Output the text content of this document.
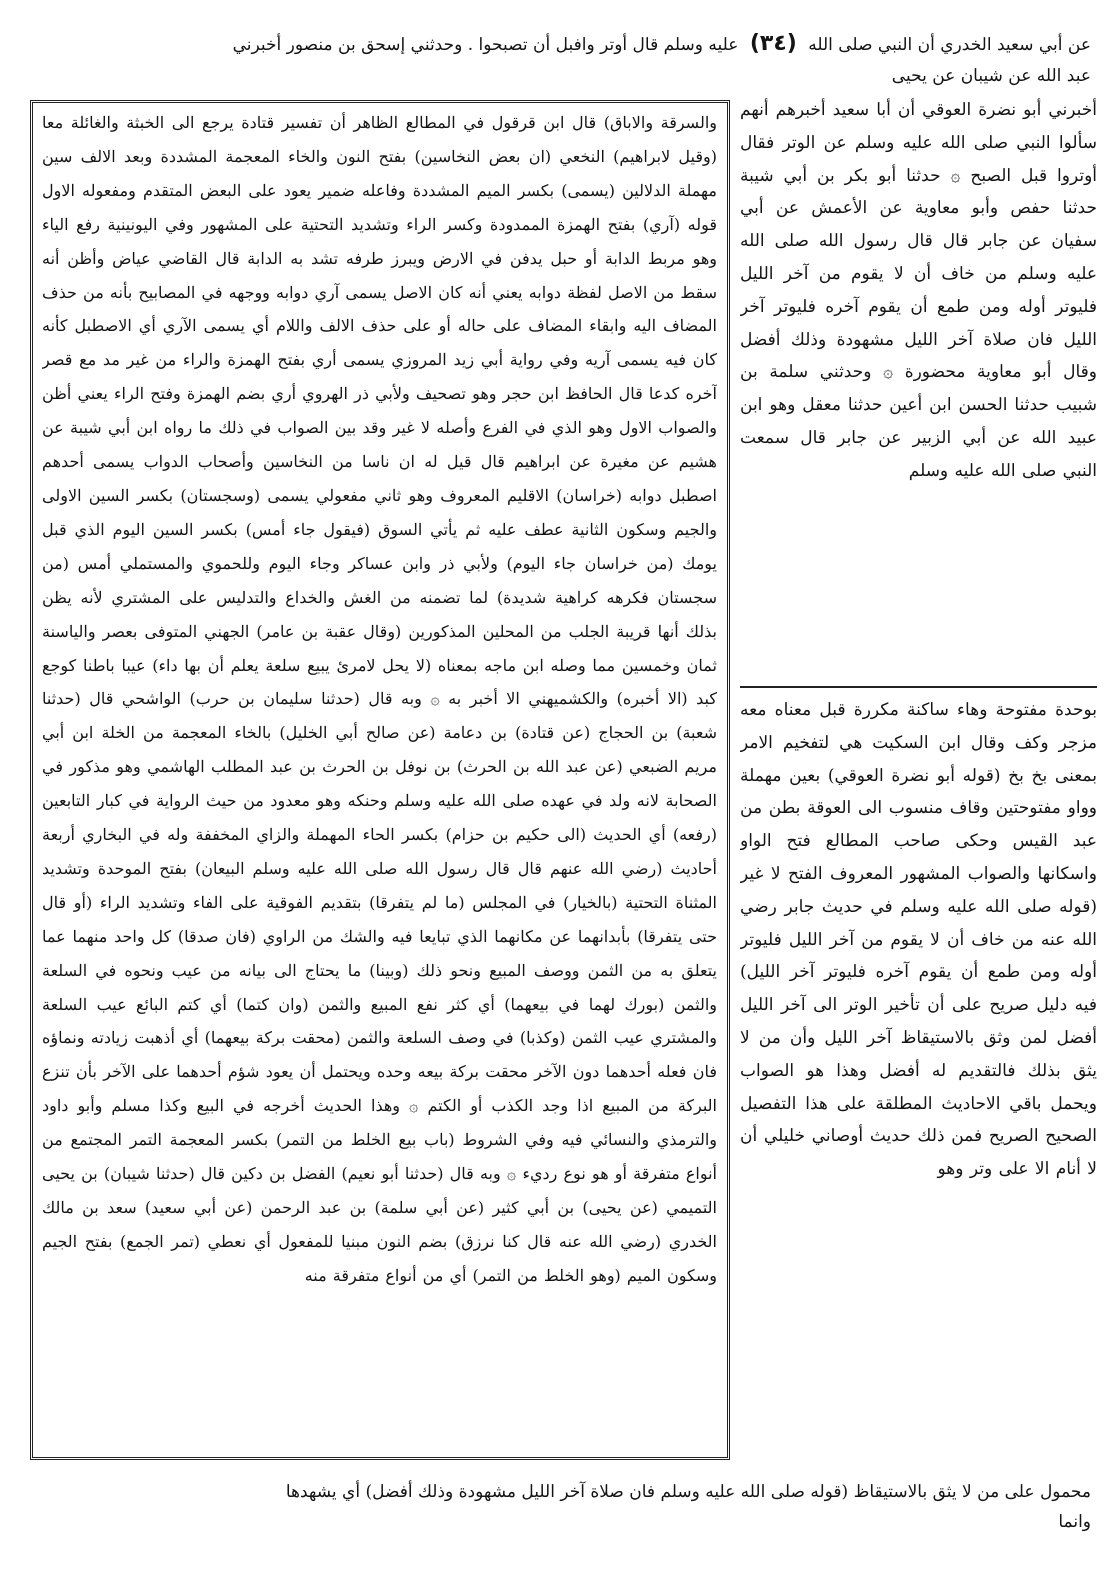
عن أبي سعيد الخدري أن النبي صلى الله (٣٤) عليه وسلم قال أوتر وافبل أن تصبحوا . وحدثني إسحق بن منصور أخبرني
عبد الله عن شيبان عن يحيى

أخبرني أبو نضرة العوقي أن أبا سعيد أخبرهم أنهم سألوا النبي صلى الله عليه وسلم عن الوتر فقال أوتروا قبل الصبح ۞ حدثنا أبو بكر بن أبي شيبة حدثنا حفص وأبو معاوية عن الأعمش عن أبي سفيان عن جابر قال قال رسول الله صلى الله عليه وسلم من خاف أن لا يقوم من آخر الليل فليوتر أوله ومن طمع أن يقوم آخره فليوتر آخر الليل فان صلاة آخر الليل مشهودة وذلك أفضل وقال أبو معاوية محضورة ۞ وحدثني سلمة بن شبيب حدثنا الحسن ابن أعين حدثنا معقل وهو ابن عبيد الله عن أبي الزبير عن جابر قال سمعت النبي صلى الله عليه وسلم

بوحدة مفتوحة وهاء ساكنة مكررة قبل معناه معه مزجر وكف وقال ابن السكيت هي لتفخيم الامر بمعنى بخ بخ (قوله أبو نضرة العوقي) بعين مهملة وواو مفتوحتين وقاف منسوب الى العوقة بطن من عبد القيس وحكى صاحب المطالع فتح الواو واسكانها والصواب المشهور المعروف الفتح لا غير (قوله صلى الله عليه وسلم في حديث جابر رضي الله عنه من خاف أن لا يقوم من آخر الليل فليوتر أوله ومن طمع أن يقوم آخره فليوتر آخر الليل) فيه دليل صريح على أن تأخير الوتر الى آخر الليل أفضل لمن وثق بالاستيقاظ آخر الليل وأن من لا يثق بذلك فالتقديم له أفضل وهذا هو الصواب ويحمل باقي الاحاديث المطلقة على هذا التفصيل الصحيح الصريح فمن ذلك حديث أوصاني خليلي أن لا أنام الا على وتر وهو

والسرقة والاباق) قال ابن قرقول في المطالع الظاهر أن تفسير قتادة يرجع الى الخبثة والغائلة معا (وقيل لابراهيم) النخعي (ان بعض النخاسين) بفتح النون والخاء المعجمة المشددة وبعد الالف سين مهملة الدلالين (يسمى) بكسر الميم المشددة وفاعله ضمير يعود على البعض المتقدم ومفعوله الاول قوله (آري) بفتح الهمزة الممدودة وكسر الراء وتشديد التحتية على المشهور وفي اليونينية رفع الياء وهو مربط الدابة أو حبل يدفن في الارض ويبرز طرفه تشد به الدابة قال القاضي عياض وأظن أنه سقط من الاصل لفظة دوابه يعني أنه كان الاصل يسمى آري دوابه ووجهه في المصابيح بأنه من حذف المضاف اليه وابقاء المضاف على حاله أو على حذف الالف واللام أي يسمى الآري أي الاصطبل كأنه كان فيه يسمى آريه وفي رواية أبي زيد المروزي يسمى أري بفتح الهمزة والراء من غير مد مع قصر آخره كدعا قال الحافظ ابن حجر وهو تصحيف ولأبي ذر الهروي أري بضم الهمزة وفتح الراء يعني أظن والصواب الاول وهو الذي في الفرع وأصله لا غير وقد بين الصواب في ذلك ما رواه ابن أبي شيبة عن هشيم عن مغيرة عن ابراهيم قال قيل له ان ناسا من النخاسين وأصحاب الدواب يسمى أحدهم اصطبل دوابه (خراسان) الاقليم المعروف وهو ثاني مفعولي يسمى (وسجستان) بكسر السين الاولى والجيم وسكون الثانية عطف عليه ثم يأتي السوق (فيقول جاء أمس) بكسر السين اليوم الذي قبل يومك (من خراسان جاء اليوم) ولأبي ذر وابن عساكر وجاء اليوم وللحموي والمستملي أمس (من سجستان فكرهه كراهية شديدة) لما تضمنه من الغش والخداع والتدليس على المشتري لأنه يظن بذلك أنها قريبة الجلب من المحلين المذكورين (وقال عقبة بن عامر) الجهني المتوفى بعصر والياسنة ثمان وخمسين مما وصله ابن ماجه بمعناه (لا يحل لامرئ يبيع سلعة يعلم أن بها داء) عيبا باطنا كوجع كبد (الا أخبره) والكشميهني الا أخبر به ۞ وبه قال (حدثنا سليمان بن حرب) الواشحي قال (حدثنا شعبة) بن الحجاج (عن قتادة) بن دعامة (عن صالح أبي الخليل) بالخاء المعجمة من الخلة ابن أبي مريم الضبعي (عن عبد الله بن الحرث) بن نوفل بن الحرث بن عبد المطلب الهاشمي وهو مذكور في الصحابة لانه ولد في عهده صلى الله عليه وسلم وحنكه وهو معدود من حيث الرواية في كبار التابعين (رفعه) أي الحديث (الى حكيم بن حزام) بكسر الحاء المهملة والزاي المخففة وله في البخاري أربعة أحاديث (رضي الله عنهم قال قال رسول الله صلى الله عليه وسلم البيعان) بفتح الموحدة وتشديد المثناة التحتية (بالخيار) في المجلس (ما لم يتفرقا) بتقديم الفوقية على الفاء وتشديد الراء (أو قال حتى يتفرقا) بأبدانهما عن مكانهما الذي تبايعا فيه والشك من الراوي (فان صدقا) كل واحد منهما عما يتعلق به من الثمن ووصف المبيع ونحو ذلك (وبينا) ما يحتاج الى بيانه من عيب ونحوه في السلعة والثمن (بورك لهما في بيعهما) أي كثر نفع المبيع والثمن (وان كتما) أي كتم البائع عيب السلعة والمشتري عيب الثمن (وكذبا) في وصف السلعة والثمن (محقت بركة بيعهما) أي أذهبت زيادته ونماؤه فان فعله أحدهما دون الآخر محقت بركة بيعه وحده ويحتمل أن يعود شؤم أحدهما على الآخر بأن تنزع البركة من المبيع اذا وجد الكذب أو الكتم ۞ وهذا الحديث أخرجه في البيع وكذا مسلم وأبو داود والترمذي والنسائي فيه وفي الشروط (باب بيع الخلط من التمر) بكسر المعجمة التمر المجتمع من أنواع متفرقة أو هو نوع رديء ۞ وبه قال (حدثنا أبو نعيم) الفضل بن دكين قال (حدثنا شيبان) بن يحيى التميمي (عن يحيى) بن أبي كثير (عن أبي سلمة) بن عبد الرحمن (عن أبي سعيد) سعد بن مالك الخدري (رضي الله عنه قال كنا نرزق) بضم النون مبنيا للمفعول أي نعطي (تمر الجمع) بفتح الجيم وسكون الميم (وهو الخلط من التمر) أي من أنواع متفرقة منه

محمول على من لا يثق بالاستيقاظ (قوله صلى الله عليه وسلم فان صلاة آخر الليل مشهودة وذلك أفضل) أي يشهدها
وانما
